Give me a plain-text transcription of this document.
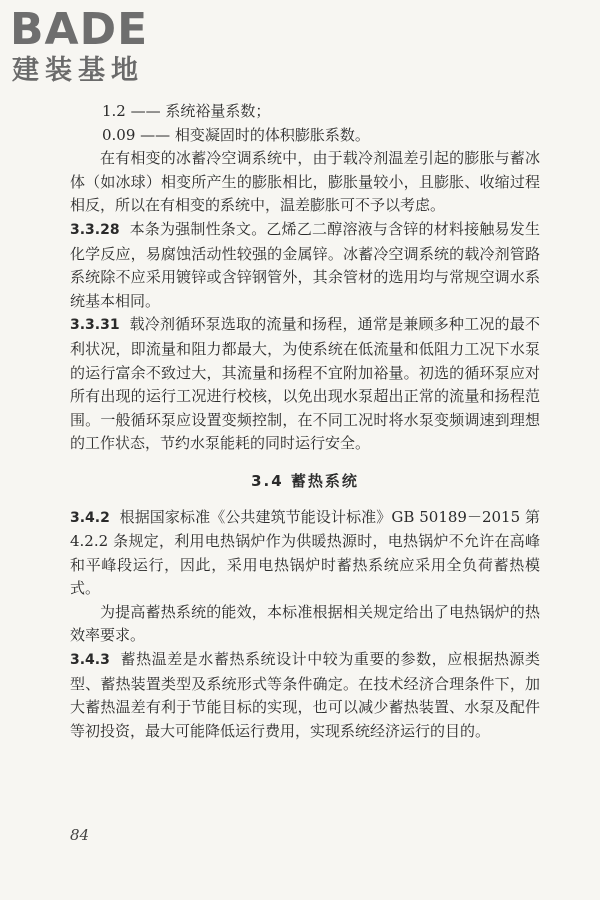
BADE
建装基地

1.2 —— 系统裕量系数；

0.09 —— 相变凝固时的体积膨胀系数。

在有相变的冰蓄冷空调系统中，由于载冷剂温差引起的膨胀与蓄冰体（如冰球）相变所产生的膨胀相比，膨胀量较小，且膨胀、收缩过程相反，所以在有相变的系统中，温差膨胀可不予以考虑。

3.3.28 本条为强制性条文。乙烯乙二醇溶液与含锌的材料接触易发生化学反应，易腐蚀活动性较强的金属锌。冰蓄冷空调系统的载冷剂管路系统除不应采用镀锌或含锌钢管外，其余管材的选用均与常规空调水系统基本相同。

3.3.31 载冷剂循环泵选取的流量和扬程，通常是兼顾多种工况的最不利状况，即流量和阻力都最大，为使系统在低流量和低阻力工况下水泵的运行富余不致过大，其流量和扬程不宜附加裕量。初选的循环泵应对所有出现的运行工况进行校核，以免出现水泵超出正常的流量和扬程范围。一般循环泵应设置变频控制，在不同工况时将水泵变频调速到理想的工作状态，节约水泵能耗的同时运行安全。

3.4 蓄热系统

3.4.2 根据国家标准《公共建筑节能设计标准》GB 50189－2015 第 4.2.2 条规定，利用电热锅炉作为供暖热源时，电热锅炉不允许在高峰和平峰段运行，因此，采用电热锅炉时蓄热系统应采用全负荷蓄热模式。

为提高蓄热系统的能效，本标准根据相关规定给出了电热锅炉的热效率要求。

3.4.3 蓄热温差是水蓄热系统设计中较为重要的参数，应根据热源类型、蓄热装置类型及系统形式等条件确定。在技术经济合理条件下，加大蓄热温差有利于节能目标的实现，也可以减少蓄热装置、水泵及配件等初投资，最大可能降低运行费用，实现系统经济运行的目的。

84
